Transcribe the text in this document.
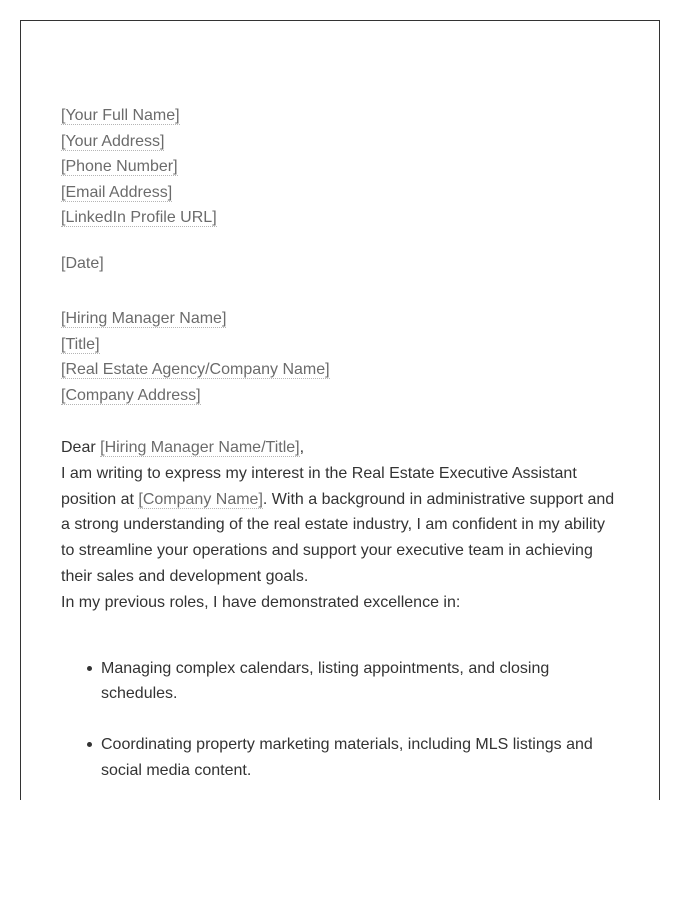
[Your Full Name]
[Your Address]
[Phone Number]
[Email Address]
[LinkedIn Profile URL]
[Date]
[Hiring Manager Name]
[Title]
[Real Estate Agency/Company Name]
[Company Address]
Dear [Hiring Manager Name/Title],
I am writing to express my interest in the Real Estate Executive Assistant
position at [Company Name]. With a background in administrative support and
a strong understanding of the real estate industry, I am confident in my ability
to streamline your operations and support your executive team in achieving
their sales and development goals.
In my previous roles, I have demonstrated excellence in:
Managing complex calendars, listing appointments, and closing
schedules.
Coordinating property marketing materials, including MLS listings and
social media content.
